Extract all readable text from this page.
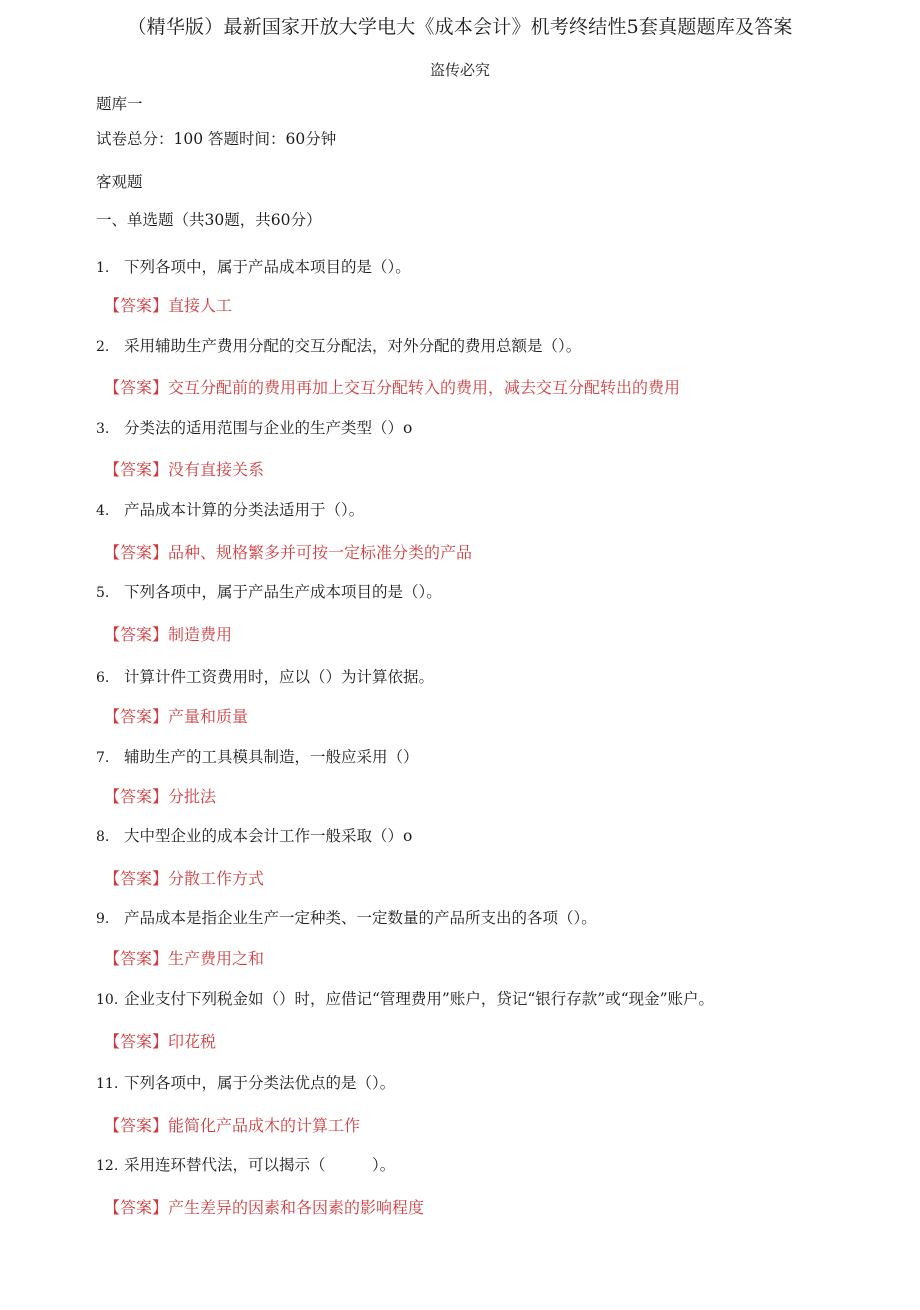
（精华版）最新国家开放大学电大《成本会计》机考终结性5套真题题库及答案
盗传必究
题库一
试卷总分：100 答题时间：60分钟
客观题
一、单选题（共30题，共60分）
1. 下列各项中，属于产品成本项目的是（）。
【答案】直接人工
2. 采用辅助生产费用分配的交互分配法，对外分配的费用总额是（）。
【答案】交互分配前的费用再加上交互分配转入的费用，减去交互分配转出的费用
3. 分类法的适用范围与企业的生产类型（）o
【答案】没有直接关系
4. 产品成本计算的分类法适用于（）。
【答案】品种、规格繁多并可按一定标准分类的产品
5. 下列各项中，属于产品生产成本项目的是（）。
【答案】制造费用
6. 计算计件工资费用时，应以（）为计算依据。
【答案】产量和质量
7. 辅助生产的工具模具制造，一般应采用（）
【答案】分批法
8. 大中型企业的成本会计工作一般采取（）o
【答案】分散工作方式
9. 产品成本是指企业生产一定种类、一定数量的产品所支出的各项（）。
【答案】生产费用之和
10. 企业支付下列税金如（）时，应借记“管理费用”账户，贷记“银行存款”或“现金”账户。
【答案】印花税
11. 下列各项中，属于分类法优点的是（）。
【答案】能简化产品成木的计算工作
12. 采用连环替代法，可以揭示（　　　）。
【答案】产生差异的因素和各因素的影响程度
